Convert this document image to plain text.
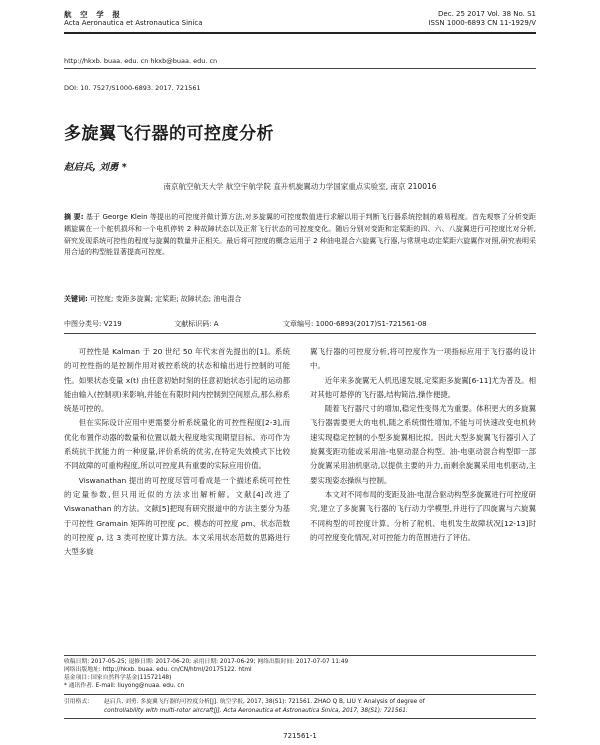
航 空 学 报
Acta Aeronautica et Astronautica Sinica
Dec. 25 2017 Vol. 38 No. S1
ISSN 1000-6893 CN 11-1929/V
http://hkxb. buaa. edu. cn hkxb@buaa. edu. cn
DOI: 10. 7527/S1000-6893. 2017. 721561
多旋翼飞行器的可控度分析
赵启兵, 刘勇 *
南京航空航天大学 航空宇航学院 直升机旋翼动力学国家重点实验室, 南京 210016
摘 要: 基于 George Klein 等提出的可控度并做计算方法,对多旋翼的可控度数值进行求解以用于判断飞行器系统控制的难易程度。首先观察了分析变距耦旋翼在一个舵机损坏和一个电机停转 2 种故障状态以及正常飞行状态的可控度变化。随后分别对变距和定桨距的四、六、八旋翼进行可控度比对分析,研究发现系统可控性的程度与旋翼的数量并正相关。最后将可控度的概念运用于 2 种油电混合六旋翼飞行器,与常规电动定桨距六旋翼作对照,研究表明采用合适的构型能显著提高可控度。
关键词: 可控度; 变距多旋翼; 定桨距; 故障状态; 油电混合
中图分类号: V219	文献标识码: A	文章编号: 1000-6893(2017)S1-721561-08

可控性是 Kalman 于 20 世纪 50 年代末首先提出的[1]。系统的可控性指的是控制作用对被控系统的状态和输出进行控制的可能性。如果状态变量 x(t) 由任意初始时刻的任意初始状态引起的运动都能由输入(控制项)来影响,并能在有限时间内控制到空间原点,那么称系统是可控的。

但在实际设计应用中更需要分析系统量化的可控性程度[2-3],而优化布置作动器的数量和位置以最大程度地实现期望目标。亦可作为系统抗干扰能力的一种度量,评价系统的优劣,在特定失效模式下比较不同故障的可重构程度,所以可控度具有重要的实际应用价值。

Viswanathan 提出的可控度尽管可看成是一个描述系统可控性的定量参数,但只用近似的方法求出解析解。文献[4]改进了 Viswanathan 的方法。文献[5]把现有研究报道中的方法主要分为基于可控性 Gramain 矩阵的可控度 ρc、模态的可控度 ρm、状态范数的可控度 ρ, 这 3 类可控度计算方法。本文采用状态范数的思路进行大型多旋

翼飞行器的可控度分析,将可控度作为一项指标应用于飞行器的设计中。

近年来多旋翼无人机迅速发展,定桨距多旋翼[6-11]尤为普及。相对其他可悬停的飞行器,结构简洁,操作便捷。

随着飞行器尺寸的增加,稳定性变得尤为重要。体积更大的多旋翼飞行器需要更大的电机,随之系统惯性增加,不能与可快速改变电机转速实现稳定控制的小型多旋翼相比拟。因此大型多旋翼飞行器引入了旋翼变距功能或采用油-电驱动混合构型。油-电驱动混合构型即一部分旋翼采用油机驱动,以提供主要的升力,而剩余旋翼采用电机驱动,主要实现姿态操纵与控制。

本文对不同布局的变距及油-电混合驱动构型多旋翼进行可控度研究,建立了多旋翼飞行器的飞行动力学模型,并进行了四旋翼与六旋翼不同构型的可控度计算。分析了舵机、电机发生故障状况[12-13]时的可控度变化情况,对可控能力的范围进行了评估。

收稿日期: 2017-05-25; 退修日期: 2017-06-20; 录用日期: 2017-06-29; 网络出版时间: 2017-07-07 11:49
网络出版地址: http://hkxb. buaa. edu. cn/CN/html/20175122. html
基金项目: 国家自然科学基金(11572148)
* 通讯作者. E-mail: liuyong@nuaa. edu. cn
引用格式:	赵启兵, 刘勇. 多旋翼飞行器的可控度分析[J]. 航空学报, 2017, 38(S1): 721561. ZHAO Q B, LIU Y. Analysis of degree of
controllability with multi-rotor aircraft[J]. Acta Aeronautica et Astronautica Sinica, 2017, 38(S1): 721561.
721561-1
